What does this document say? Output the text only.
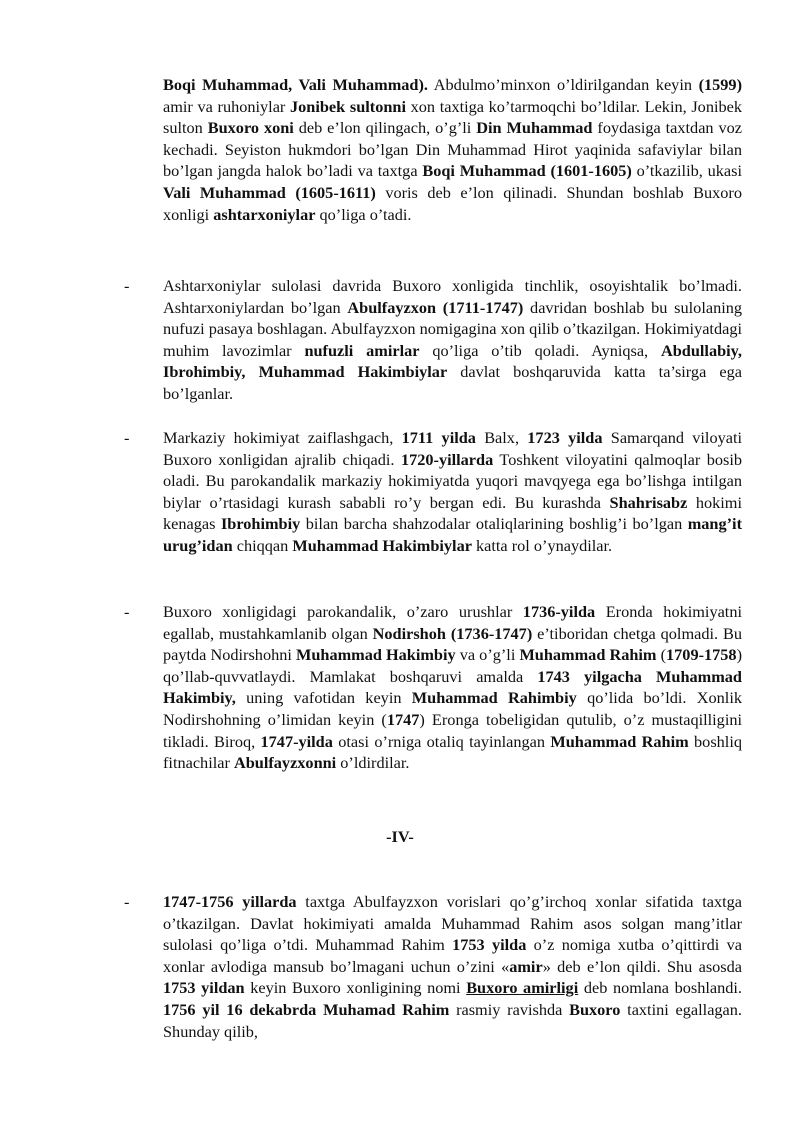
Boqi Muhammad, Vali Muhammad). Abdulmo’minxon o’ldirilgandan keyin (1599) amir va ruhoniylar Jonibek sultonni xon taxtiga ko’tarmoqchi bo’ldilar. Lekin, Jonibek sulton Buxoro xoni deb e’lon qilingach, o’g’li Din Muhammad foydasiga taxtdan voz kechadi. Seyiston hukmdori bo’lgan Din Muhammad Hirot yaqinida safaviylar bilan bo’lgan jangda halok bo’ladi va taxtga Boqi Muhammad (1601-1605) o’tkazilib, ukasi Vali Muhammad (1605-1611) voris deb e’lon qilinadi. Shundan boshlab Buxoro xonligi ashtarxoniylar qo’liga o’tadi.

-	Ashtarxoniylar sulolasi davrida Buxoro xonligida tinchlik, osoyishtalik bo’lmadi. Ashtarxoniylardan bo’lgan Abulfayzxon (1711-1747) davridan boshlab bu sulolaning nufuzi pasaya boshlagan. Abulfayzxon nomigagina xon qilib o’tkazilgan. Hokimiyatdagi muhim lavozimlar nufuzli amirlar qo’liga o’tib qoladi. Ayniqsa, Abdullabiy, Ibrohimbiy, Muhammad Hakimbiylar davlat boshqaruvida katta ta’sirga ega bo’lganlar.

-	Markaziy hokimiyat zaiflashgach, 1711 yilda Balx, 1723 yilda Samarqand viloyati Buxoro xonligidan ajralib chiqadi. 1720-yillarda Toshkent viloyatini qalmoqlar bosib oladi. Bu parokandalik markaziy hokimiyatda yuqori mavqyega ega bo’lishga intilgan biylar o’rtasidagi kurash sababli ro’y bergan edi. Bu kurashda Shahrisabz hokimi kenagas Ibrohimbiy bilan barcha shahzodalar otaliqlarining boshlig’i bo’lgan mang’it urug’idan chiqqan Muhammad Hakimbiylar katta rol o’ynaydilar.

-	Buxoro xonligidagi parokandalik, o’zaro urushlar 1736-yilda Eronda hokimiyatni egallab, mustahkamlanib olgan Nodirshoh (1736-1747) e’tiboridan chetga qolmadi. Bu paytda Nodirshohni Muhammad Hakimbiy va o’g’li Muhammad Rahim (1709-1758) qo’llab-quvvatlaydi. Mamlakat boshqaruvi amalda 1743 yilgacha Muhammad Hakimbiy, uning vafotidan keyin Muhammad Rahimbiy qo’lida bo’ldi. Xonlik Nodirshohning o’limidan keyin (1747) Eronga tobeligidan qutulib, o’z mustaqilligini tikladi. Biroq, 1747-yilda otasi o’rniga otaliq tayinlangan Muhammad Rahim boshliq fitnachilar Abulfayzxonni o’ldirdilar.

-IV-
-	1747-1756 yillarda taxtga Abulfayzxon vorislari qo’g’irchoq xonlar sifatida taxtga o’tkazilgan. Davlat hokimiyati amalda Muhammad Rahim asos solgan mang’itlar sulolasi qo’liga o’tdi. Muhammad Rahim 1753 yilda o’z nomiga xutba o’qittirdi va xonlar avlodiga mansub bo’lmagani uchun o’zini «amir» deb e’lon qildi. Shu asosda 1753 yildan keyin Buxoro xonligining nomi Buxoro amirligi deb nomlana boshlandi. 1756 yil 16 dekabrda Muhamad Rahim rasmiy ravishda Buxoro taxtini egallagan. Shunday qilib,
